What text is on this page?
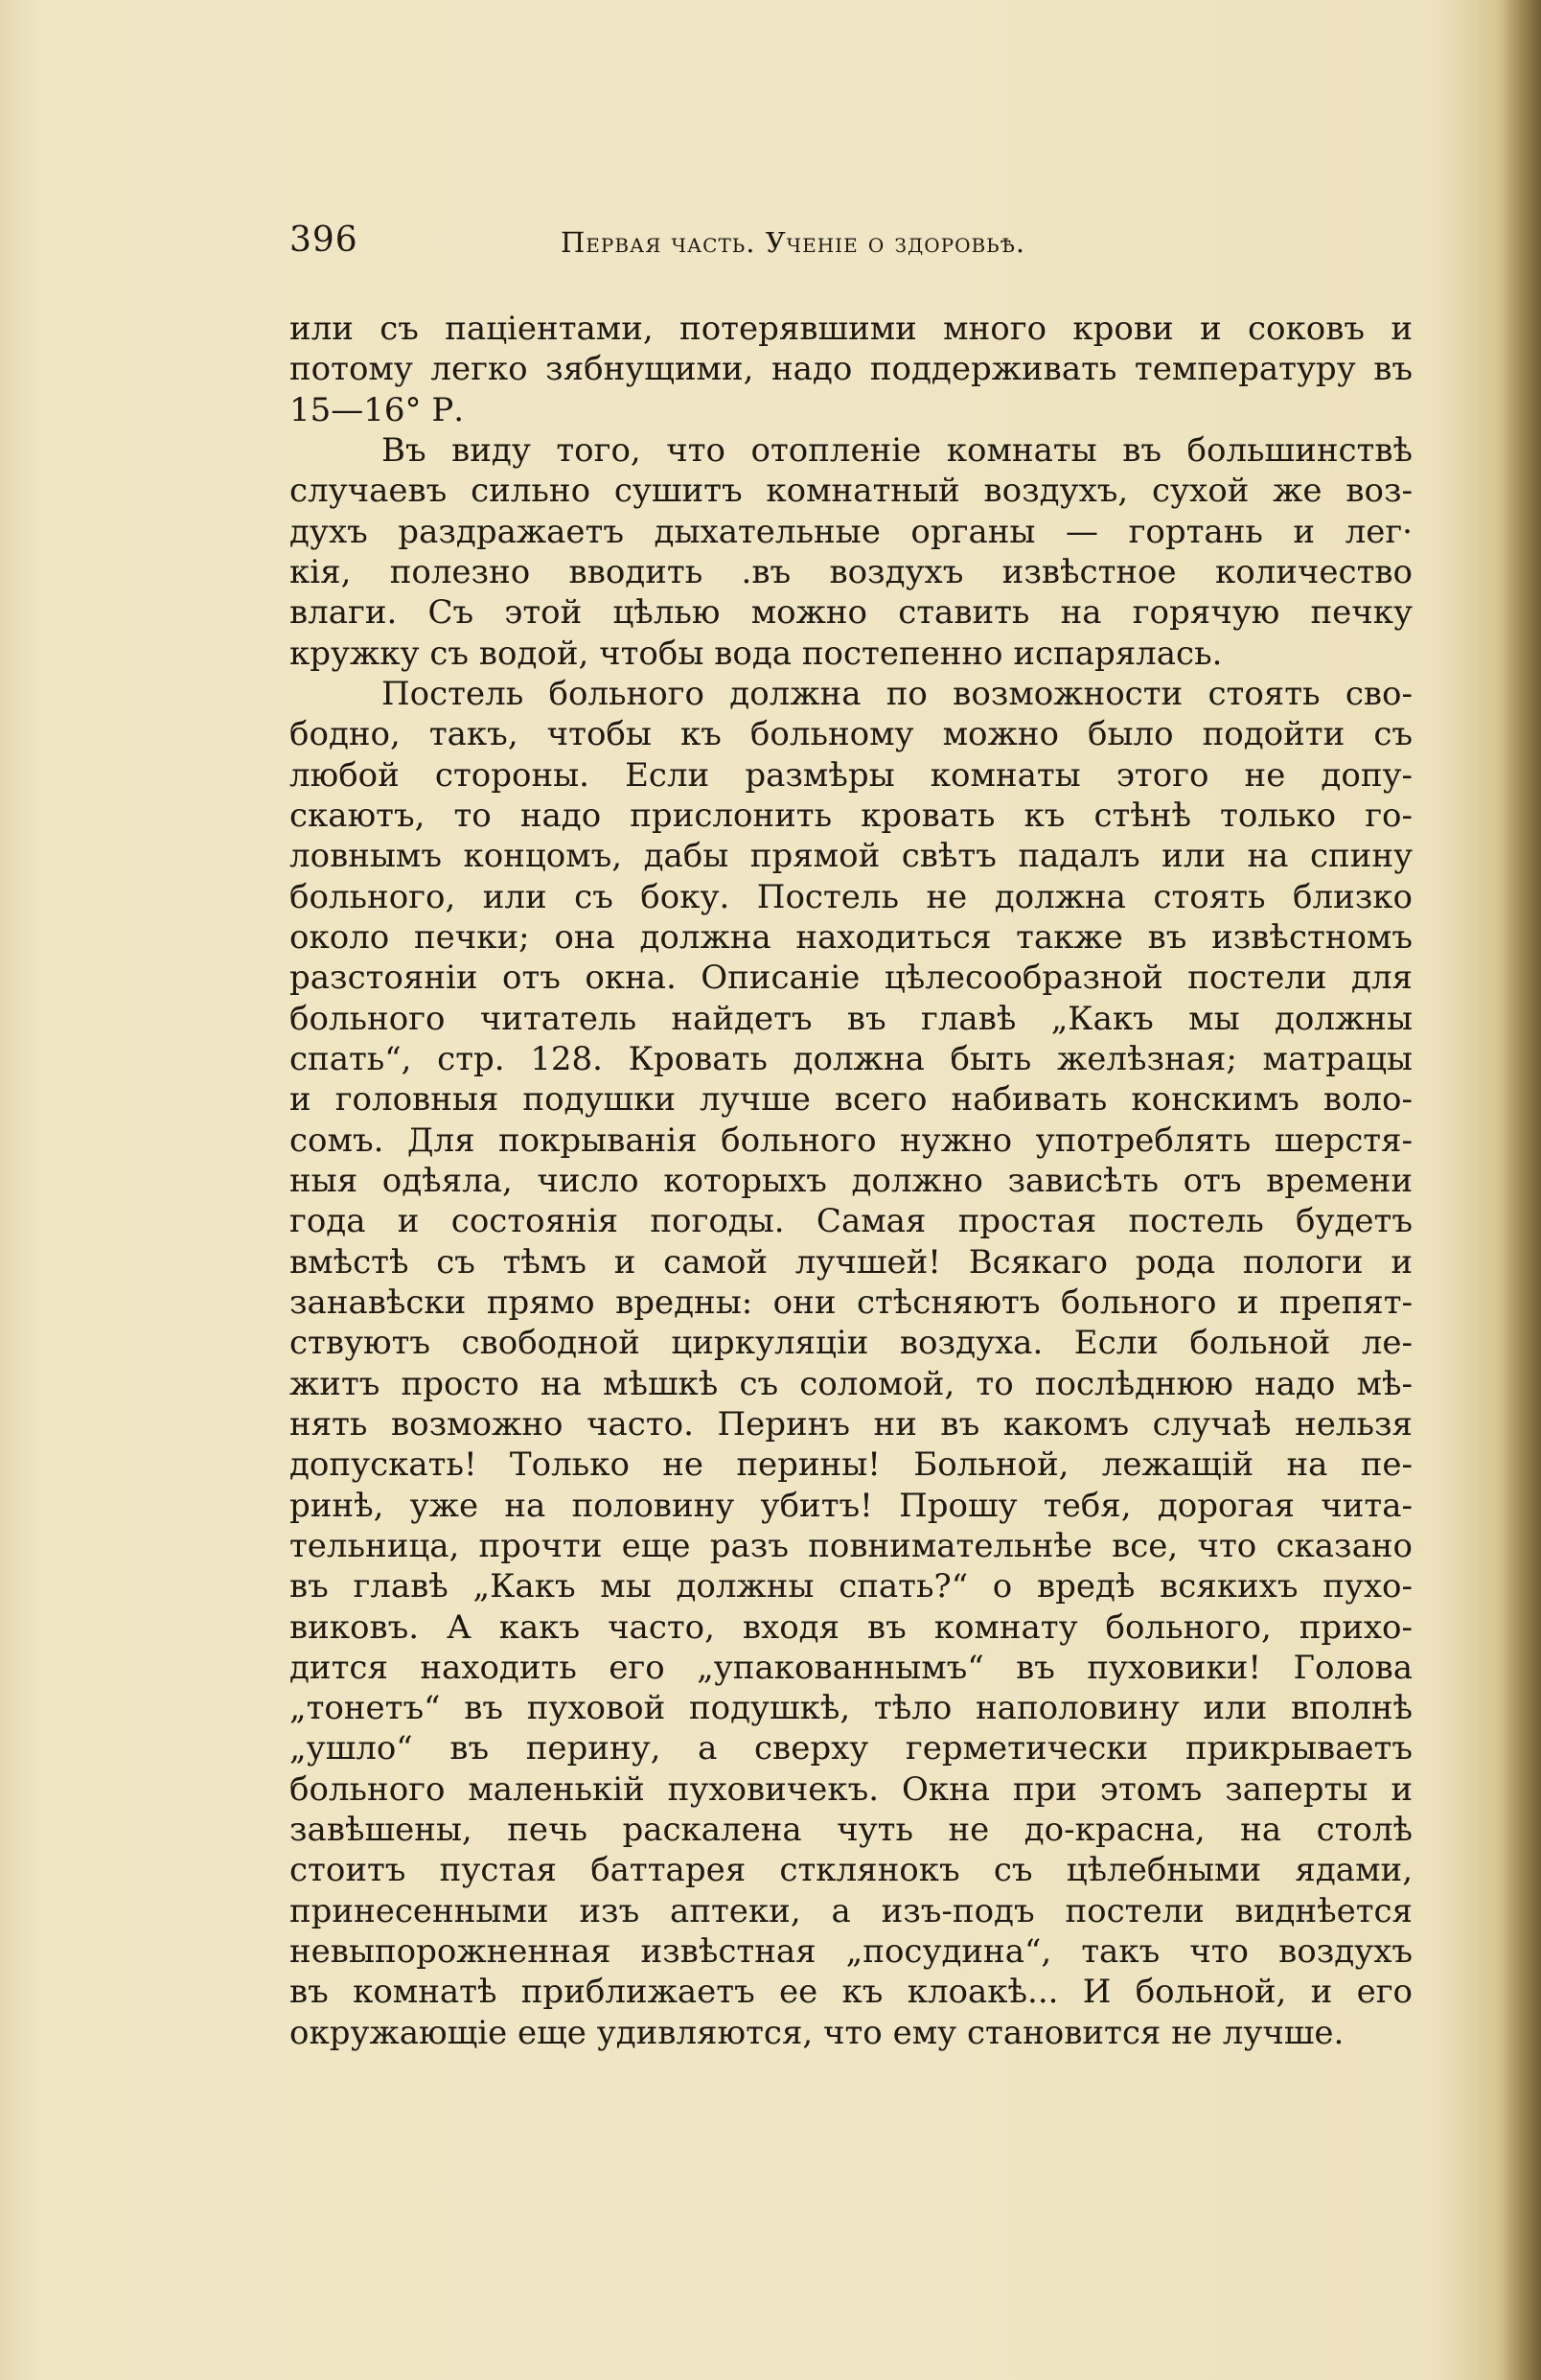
396	Первая часть. Ученіе о здоровьѣ.
или съ паціентами, потерявшими много крови и соковъ и
потому легко зябнущими, надо поддерживать температуру въ
15—16° Р.
Въ виду того, что отопленіе комнаты въ большинствѣ
случаевъ сильно сушитъ комнатный воздухъ, сухой же воз-
духъ раздражаетъ дыхательные органы — гортань и лег·
кія, полезно вводить .въ воздухъ извѣстное количество
влаги. Съ этой цѣлью можно ставить на горячую печку
кружку съ водой, чтобы вода постепенно испарялась.
Постель больного должна по возможности стоять сво-
бодно, такъ, чтобы къ больному можно было подойти съ
любой стороны. Если размѣры комнаты этого не допу-
скаютъ, то надо прислонить кровать къ стѣнѣ только го-
ловнымъ концомъ, дабы прямой свѣтъ падалъ или на спину
больного, или съ боку. Постель не должна стоять близко
около печки; она должна находиться также въ извѣстномъ
разстояніи отъ окна. Описаніе цѣлесообразной постели для
больного читатель найдетъ въ главѣ „Какъ мы должны
спать“, стр. 128. Кровать должна быть желѣзная; матрацы
и головныя подушки лучше всего набивать конскимъ воло-
сомъ. Для покрыванія больного нужно употреблять шерстя-
ныя одѣяла, число которыхъ должно зависѣть отъ времени
года и состоянія погоды. Самая простая постель будетъ
вмѣстѣ съ тѣмъ и самой лучшей! Всякаго рода пологи и
занавѣски прямо вредны: они стѣсняютъ больного и препят-
ствуютъ свободной циркуляціи воздуха. Если больной ле-
житъ просто на мѣшкѣ съ соломой, то послѣднюю надо мѣ-
нять возможно часто. Перинъ ни въ какомъ случаѣ нельзя
допускать! Только не перины! Больной, лежащій на пе-
ринѣ, уже на половину убитъ! Прошу тебя, дорогая чита-
тельница, прочти еще разъ повнимательнѣе все, что сказано
въ главѣ „Какъ мы должны спать?“ о вредѣ всякихъ пухо-
виковъ. А какъ часто, входя въ комнату больного, прихо-
дится находить его „упакованнымъ“ въ пуховики! Голова
„тонетъ“ въ пуховой подушкѣ, тѣло наполовину или вполнѣ
„ушло“ въ перину, а сверху герметически прикрываетъ
больного маленькій пуховичекъ. Окна при этомъ заперты и
завѣшены, печь раскалена чуть не до-красна, на столѣ
стоитъ пустая баттарея стклянокъ съ цѣлебными ядами,
принесенными изъ аптеки, а изъ-подъ постели виднѣется
невыпорожненная извѣстная „посудина“, такъ что воздухъ
въ комнатѣ приближаетъ ее къ клоакѣ... И больной, и его
окружающіе еще удивляются, что ему становится не лучше.
